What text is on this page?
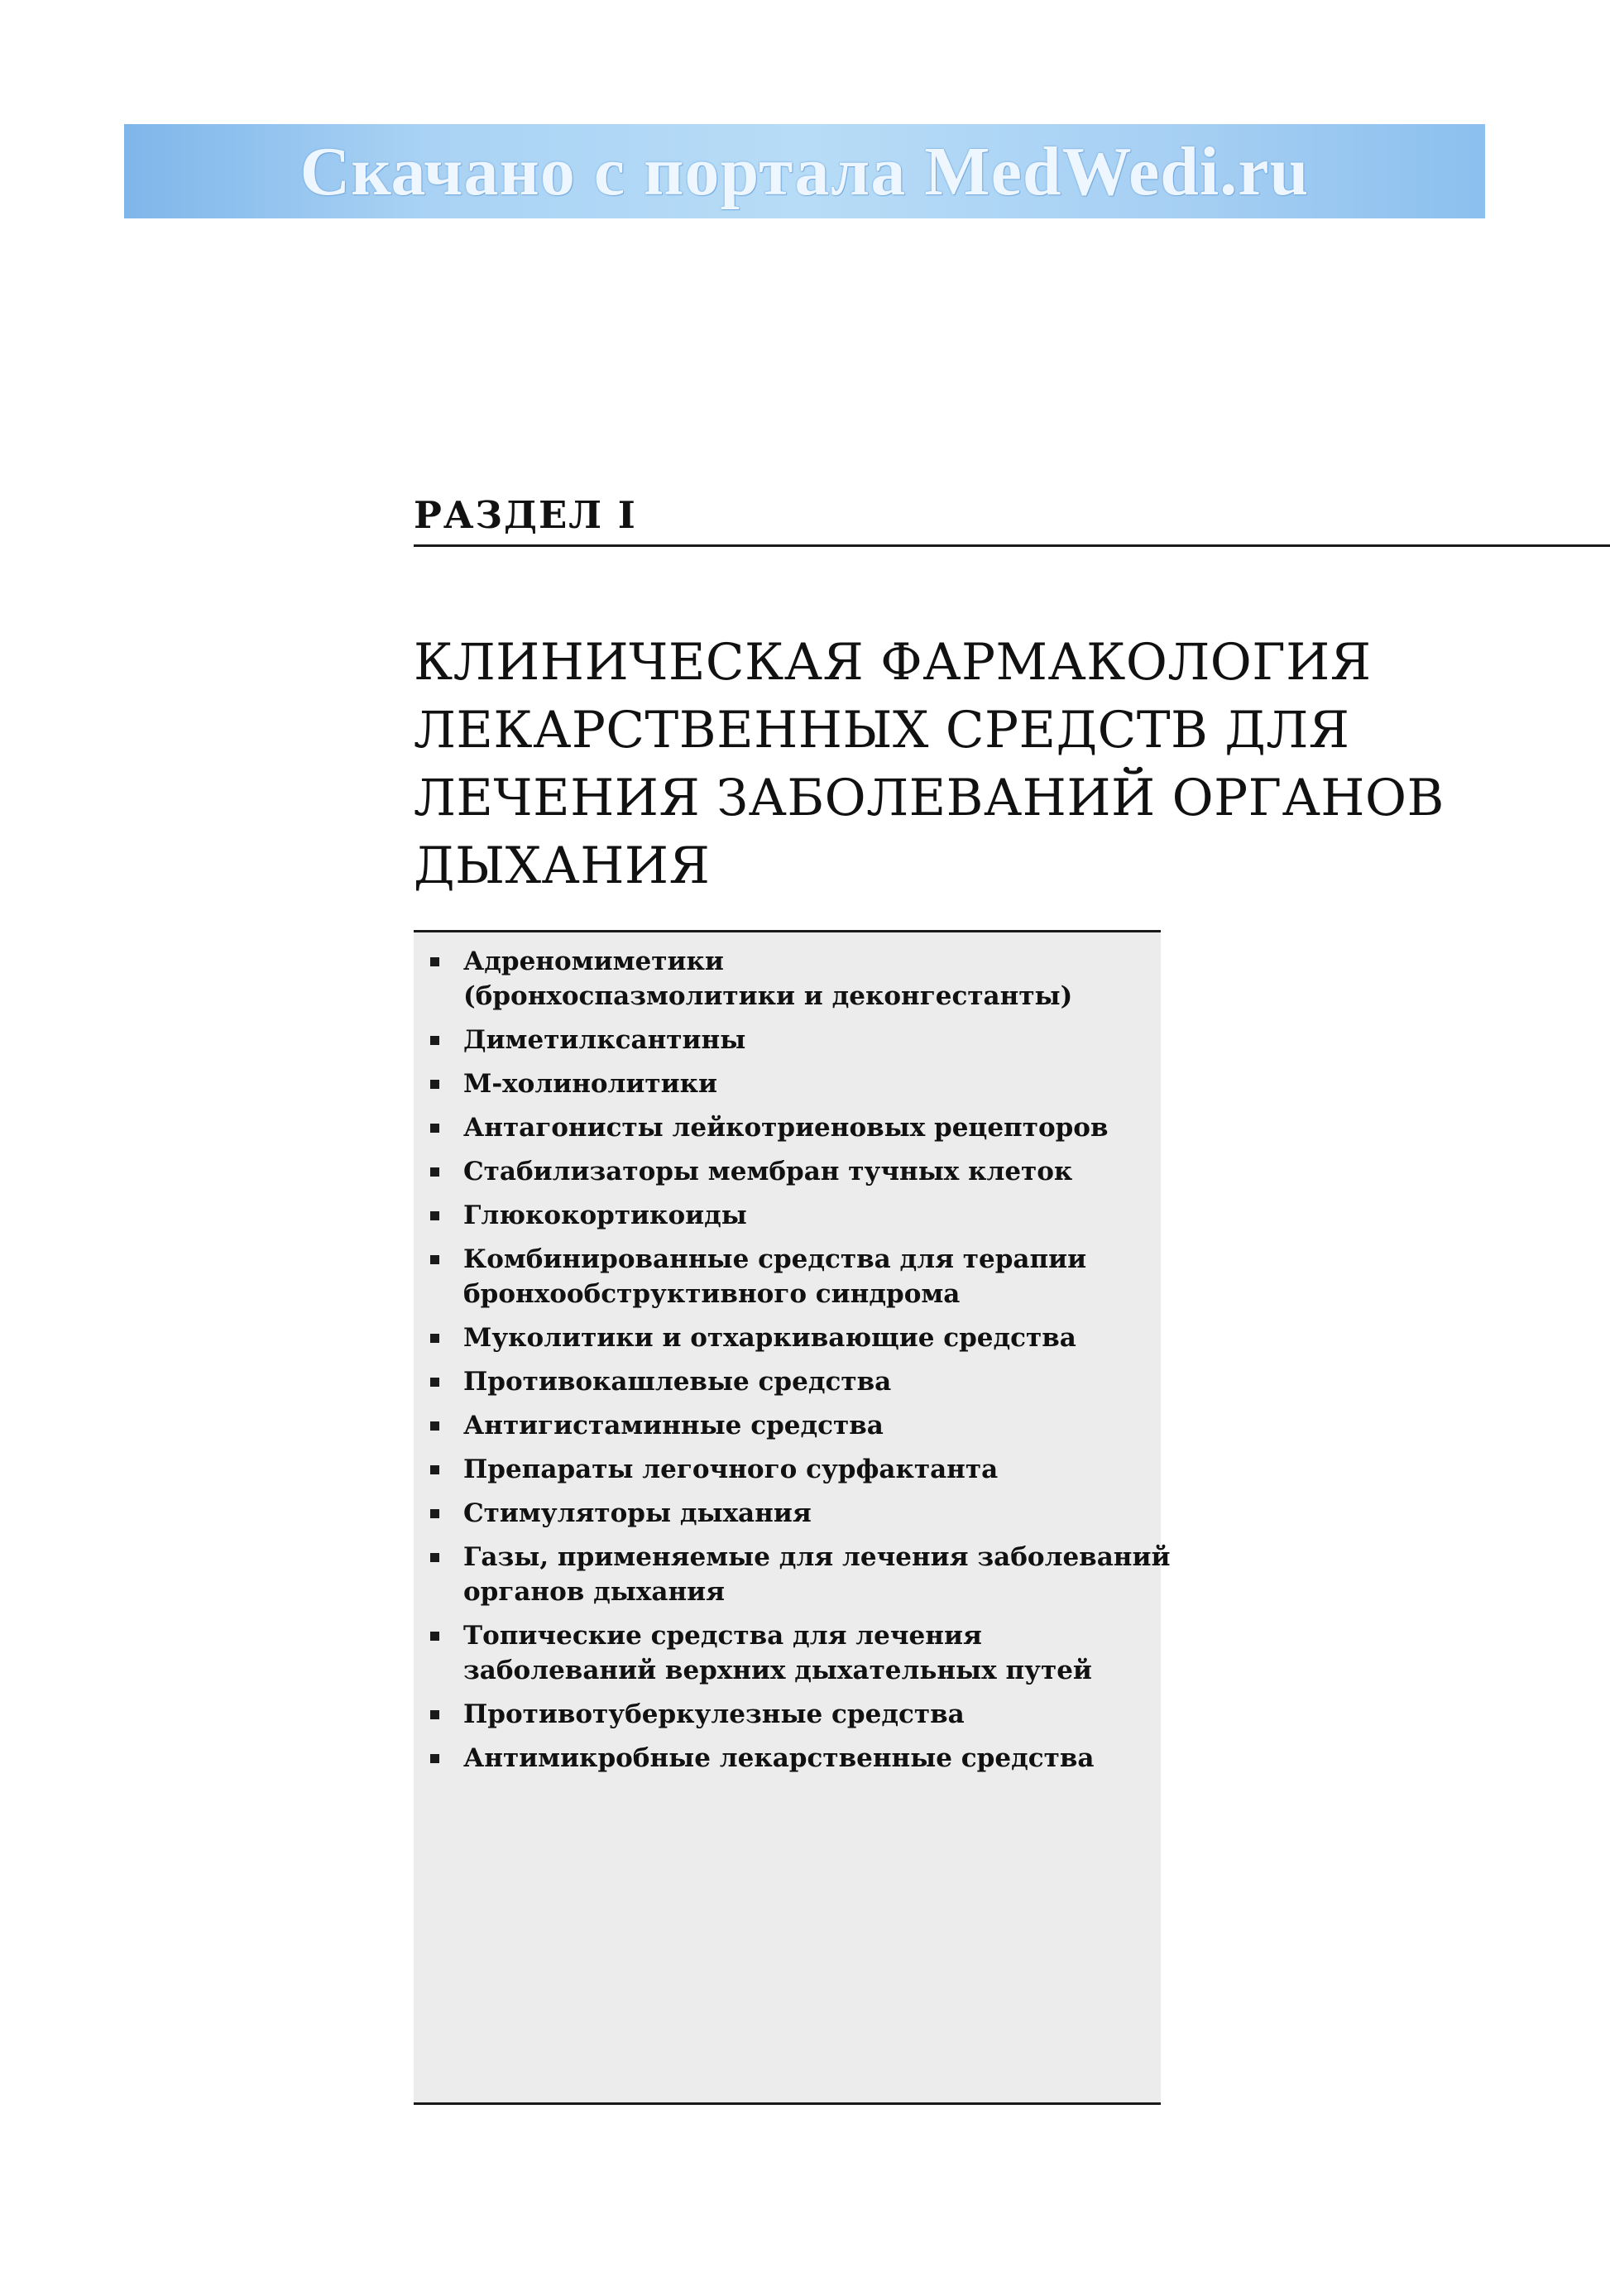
Скачано с портала MedWedi.ru
РАЗДЕЛ I
КЛИНИЧЕСКАЯ ФАРМАКОЛОГИЯ
ЛЕКАРСТВЕННЫХ СРЕДСТВ ДЛЯ
ЛЕЧЕНИЯ ЗАБОЛЕВАНИЙ ОРГАНОВ
ДЫХАНИЯ
Адреномиметики
(бронхоспазмолитики и деконгестанты)
Диметилксантины
М-холинолитики
Антагонисты лейкотриеновых рецепторов
Стабилизаторы мембран тучных клеток
Глюкокортикоиды
Комбинированные средства для терапии
бронхообструктивного синдрома
Муколитики и отхаркивающие средства
Противокашлевые средства
Антигистаминные средства
Препараты легочного сурфактанта
Стимуляторы дыхания
Газы, применяемые для лечения заболеваний
органов дыхания
Топические средства для лечения
заболеваний верхних дыхательных путей
Противотуберкулезные средства
Антимикробные лекарственные средства
